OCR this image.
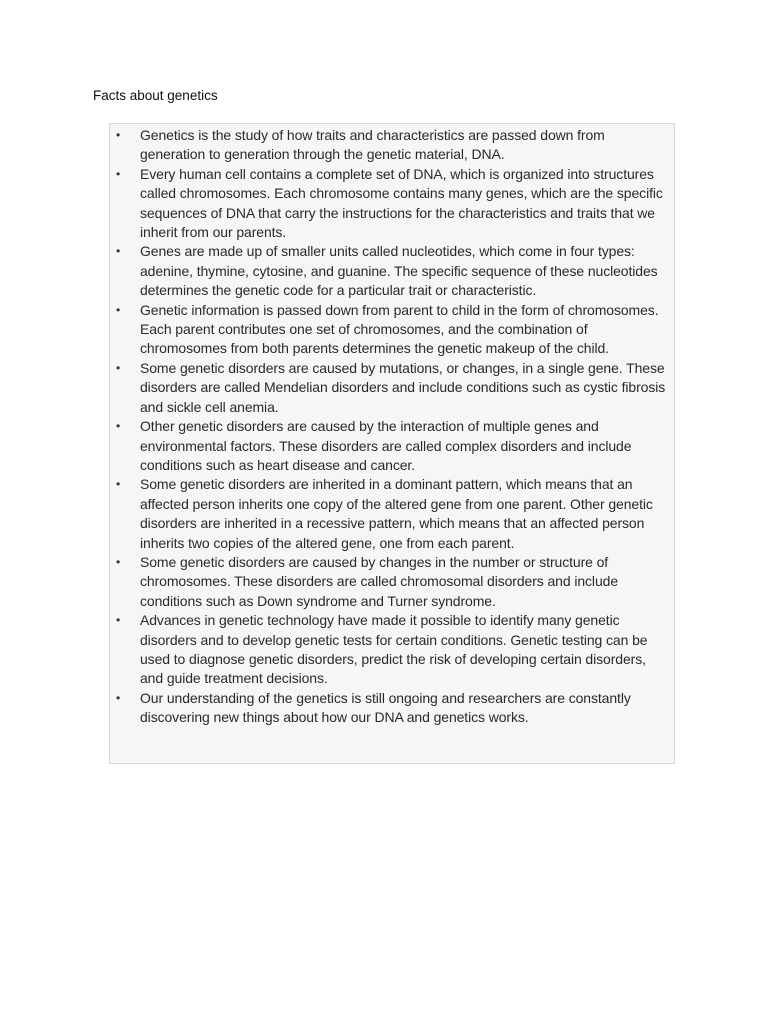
Facts about genetics
• Genetics is the study of how traits and characteristics are passed down from generation to generation through the genetic material, DNA.
• Every human cell contains a complete set of DNA, which is organized into structures called chromosomes. Each chromosome contains many genes, which are the specific sequences of DNA that carry the instructions for the characteristics and traits that we inherit from our parents.
• Genes are made up of smaller units called nucleotides, which come in four types: adenine, thymine, cytosine, and guanine. The specific sequence of these nucleotides determines the genetic code for a particular trait or characteristic.
• Genetic information is passed down from parent to child in the form of chromosomes. Each parent contributes one set of chromosomes, and the combination of chromosomes from both parents determines the genetic makeup of the child.
• Some genetic disorders are caused by mutations, or changes, in a single gene. These disorders are called Mendelian disorders and include conditions such as cystic fibrosis and sickle cell anemia.
• Other genetic disorders are caused by the interaction of multiple genes and environmental factors. These disorders are called complex disorders and include conditions such as heart disease and cancer.
• Some genetic disorders are inherited in a dominant pattern, which means that an affected person inherits one copy of the altered gene from one parent. Other genetic disorders are inherited in a recessive pattern, which means that an affected person inherits two copies of the altered gene, one from each parent.
• Some genetic disorders are caused by changes in the number or structure of chromosomes. These disorders are called chromosomal disorders and include conditions such as Down syndrome and Turner syndrome.
• Advances in genetic technology have made it possible to identify many genetic disorders and to develop genetic tests for certain conditions. Genetic testing can be used to diagnose genetic disorders, predict the risk of developing certain disorders, and guide treatment decisions.
• Our understanding of the genetics is still ongoing and researchers are constantly discovering new things about how our DNA and genetics works.
